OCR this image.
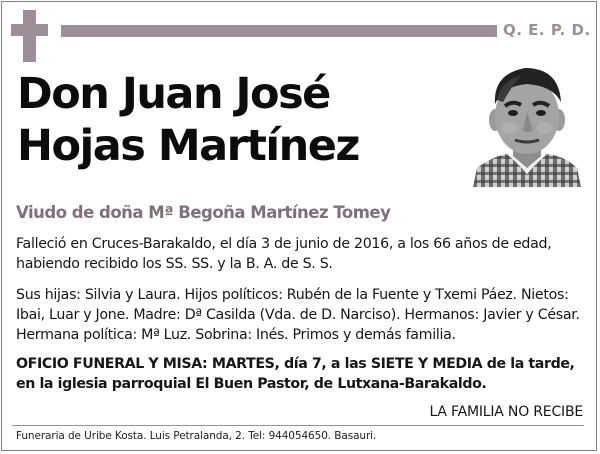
Q. E. P. D.
Don Juan José
Hojas Martínez
Viudo de doña Mª Begoña Martínez Tomey
Falleció en Cruces-Barakaldo, el día 3 de junio de 2016, a los 66 años de edad, habiendo recibido los SS. SS. y la B. A. de S. S.
Sus hijas: Silvia y Laura. Hijos políticos: Rubén de la Fuente y Txemi Páez. Nietos: Ibai, Luar y Jone. Madre: Dª Casilda (Vda. de D. Narciso). Hermanos: Javier y César. Hermana política: Mª Luz. Sobrina: Inés. Primos y demás familia.
OFICIO FUNERAL Y MISA: MARTES, día 7, a las SIETE Y MEDIA de la tarde, en la iglesia parroquial El Buen Pastor, de Lutxana-Barakaldo.
LA FAMILIA NO RECIBE
Funeraria de Uribe Kosta. Luis Petralanda, 2. Tel: 944054650. Basauri.
